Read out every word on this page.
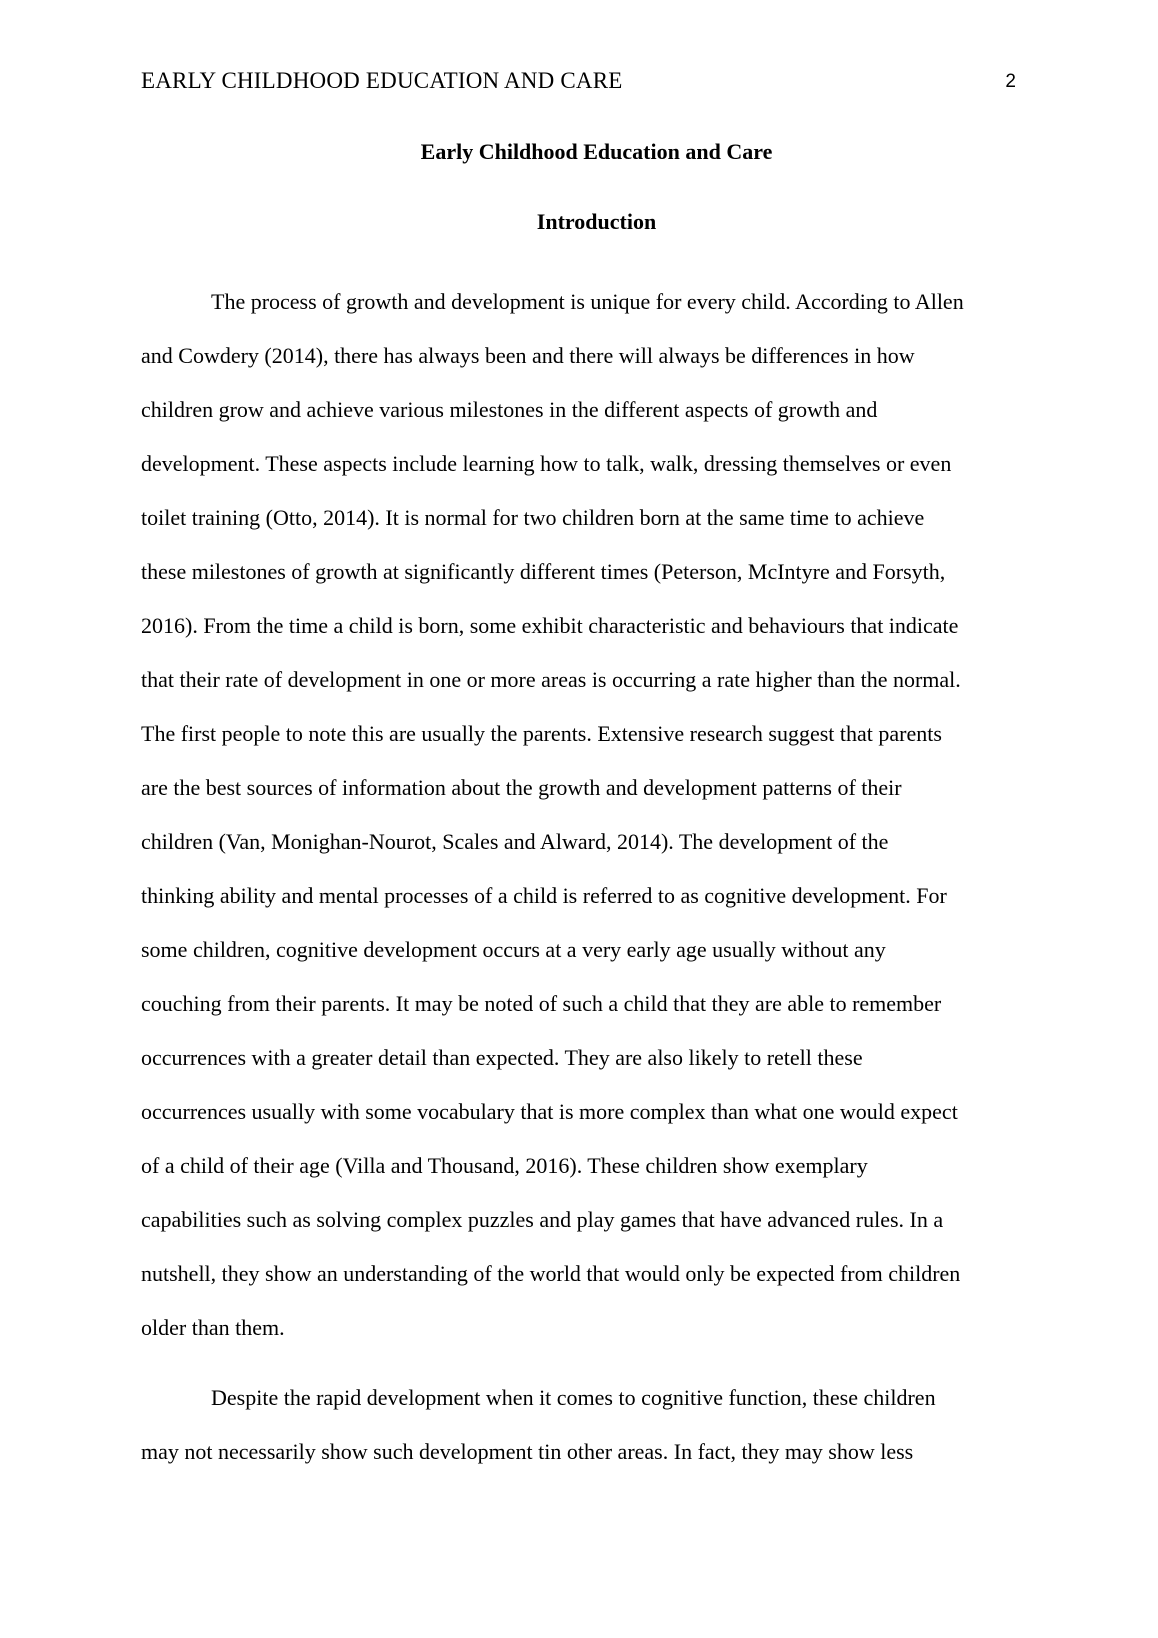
EARLY CHILDHOOD EDUCATION AND CARE	2
Early Childhood Education and Care
Introduction
The process of growth and development is unique for every child. According to Allen
and Cowdery (2014), there has always been and there will always be differences in how
children grow and achieve various milestones in the different aspects of growth and
development. These aspects include learning how to talk, walk, dressing themselves or even
toilet training (Otto, 2014). It is normal for two children born at the same time to achieve
these milestones of growth at significantly different times (Peterson, McIntyre and Forsyth,
2016). From the time a child is born, some exhibit characteristic and behaviours that indicate
that their rate of development in one or more areas is occurring a rate higher than the normal.
The first people to note this are usually the parents. Extensive research suggest that parents
are the best sources of information about the growth and development patterns of their
children (Van, Monighan-Nourot, Scales and Alward, 2014). The development of the
thinking ability and mental processes of a child is referred to as cognitive development. For
some children, cognitive development occurs at a very early age usually without any
couching from their parents. It may be noted of such a child that they are able to remember
occurrences with a greater detail than expected. They are also likely to retell these
occurrences usually with some vocabulary that is more complex than what one would expect
of a child of their age (Villa and Thousand, 2016). These children show exemplary
capabilities such as solving complex puzzles and play games that have advanced rules. In a
nutshell, they show an understanding of the world that would only be expected from children
older than them.
Despite the rapid development when it comes to cognitive function, these children
may not necessarily show such development tin other areas. In fact, they may show less
